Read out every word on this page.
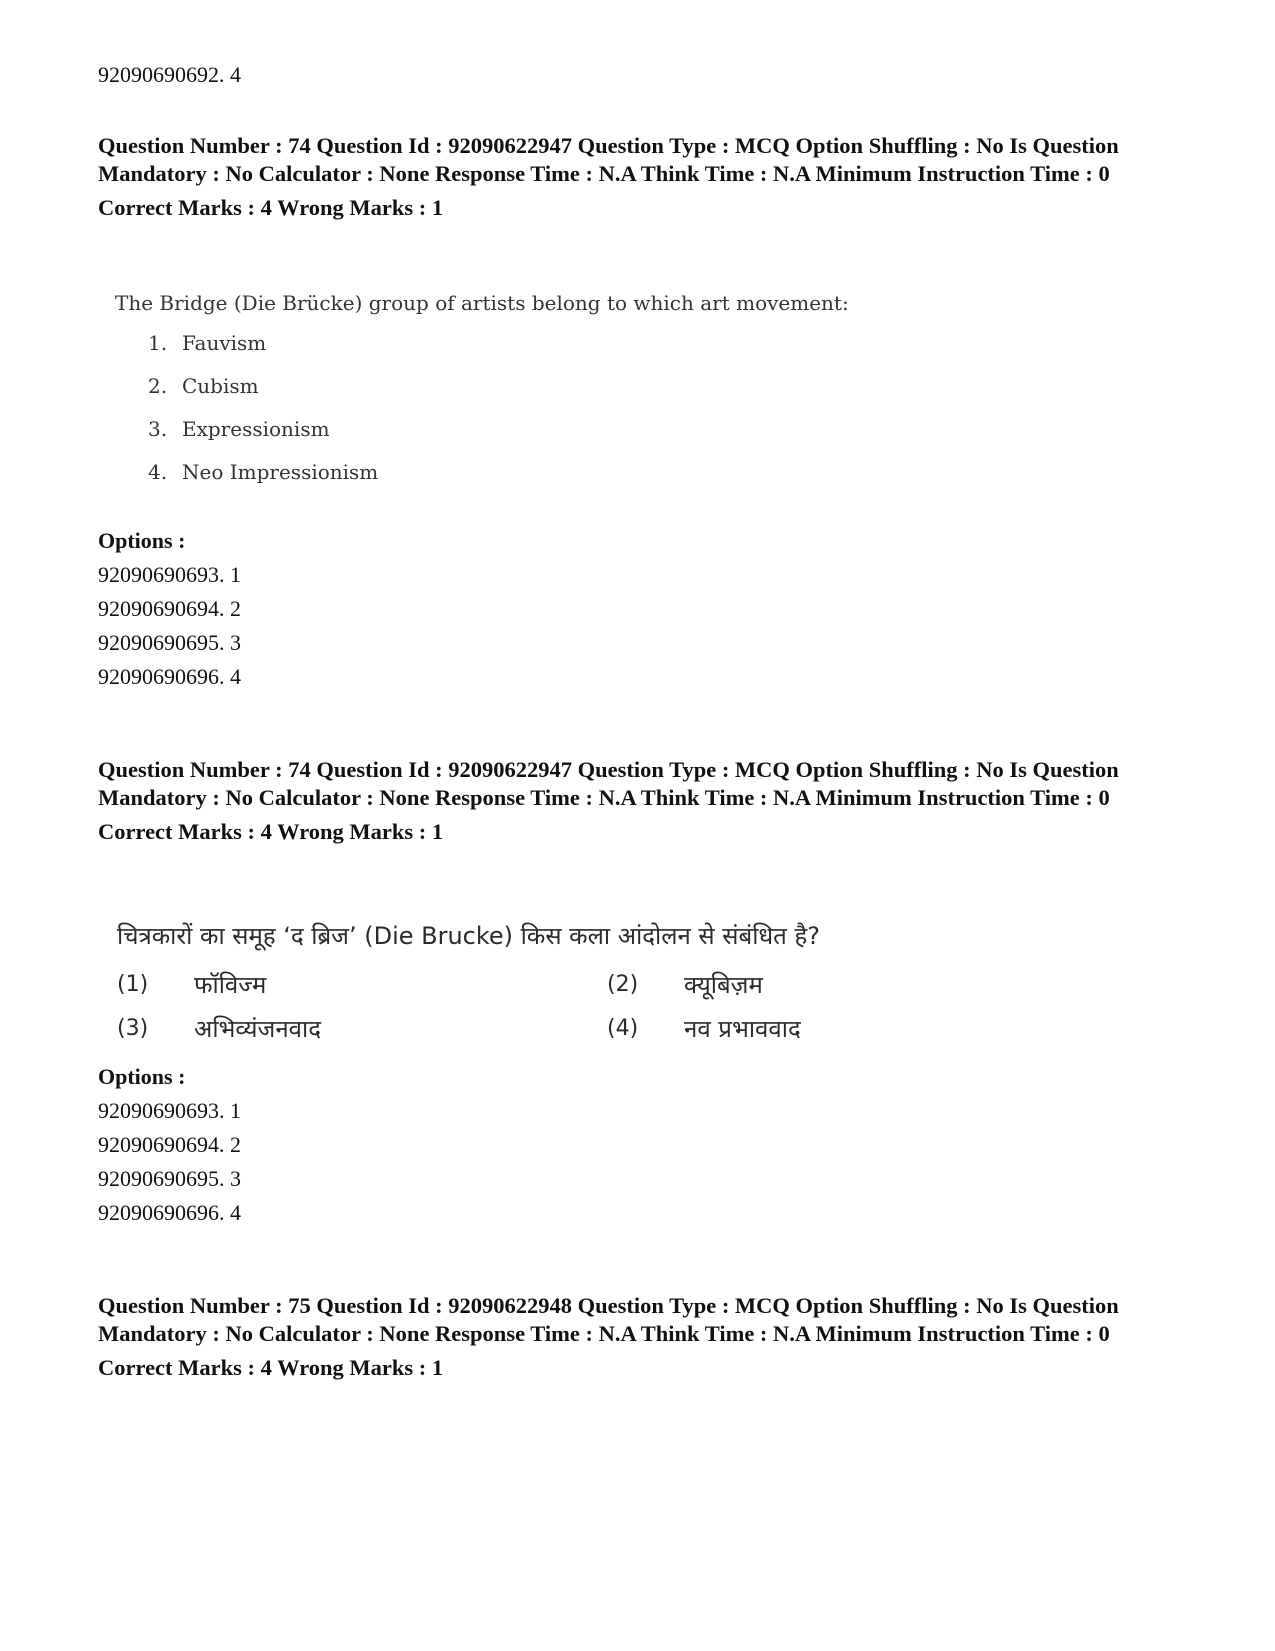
92090690692. 4

Question Number : 74 Question Id : 92090622947 Question Type : MCQ Option Shuffling : No Is Question Mandatory : No Calculator : None Response Time : N.A Think Time : N.A Minimum Instruction Time : 0

Correct Marks : 4 Wrong Marks : 1

The Bridge (Die Brücke) group of artists belong to which art movement:
1. Fauvism
2. Cubism
3. Expressionism
4. Neo Impressionism
Options :
92090690693. 1
92090690694. 2
92090690695. 3
92090690696. 4

Question Number : 74 Question Id : 92090622947 Question Type : MCQ Option Shuffling : No Is Question Mandatory : No Calculator : None Response Time : N.A Think Time : N.A Minimum Instruction Time : 0

Correct Marks : 4 Wrong Marks : 1

चित्रकारों का समूह ‘द ब्रिज’ (Die Brucke) किस कला आंदोलन से संबंधित है?
(1)	फॉविज्म	(2)	क्यूबिज़म
(3)	अभिव्यंजनवाद	(4)	नव प्रभाववाद
Options :
92090690693. 1
92090690694. 2
92090690695. 3
92090690696. 4

Question Number : 75 Question Id : 92090622948 Question Type : MCQ Option Shuffling : No Is Question Mandatory : No Calculator : None Response Time : N.A Think Time : N.A Minimum Instruction Time : 0

Correct Marks : 4 Wrong Marks : 1
